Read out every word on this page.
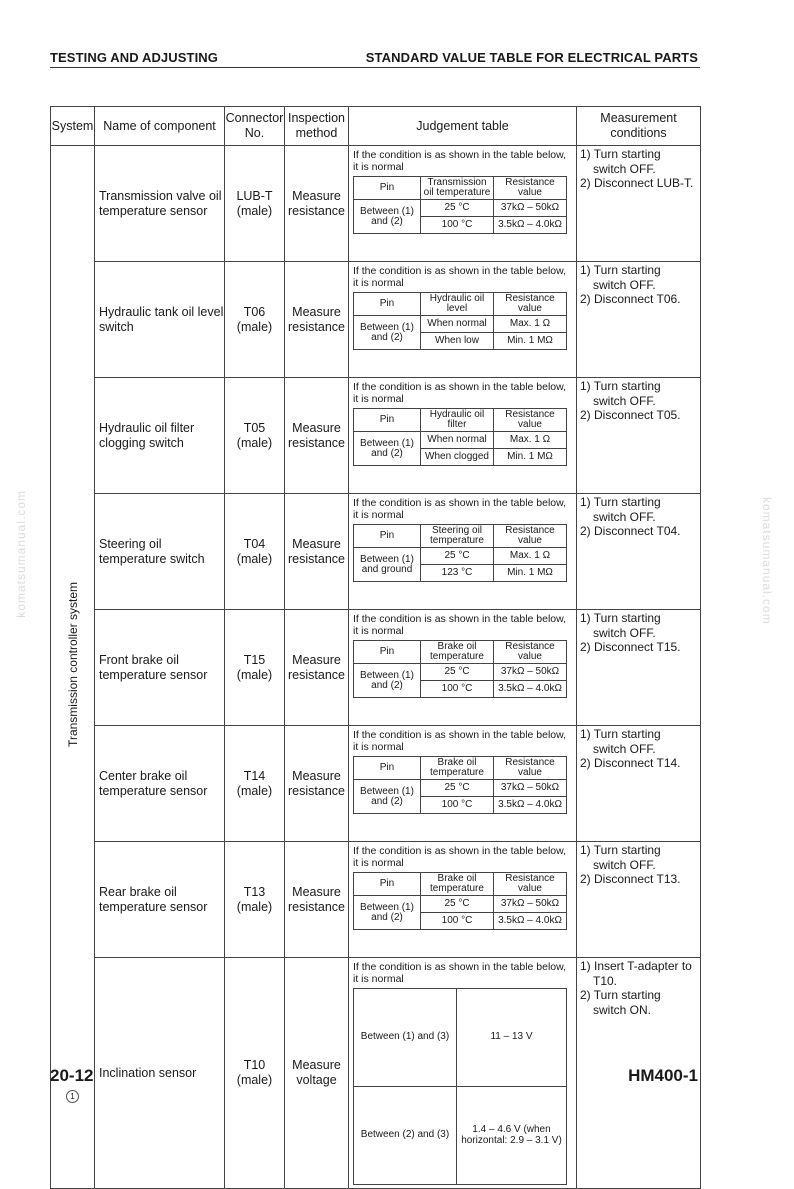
TESTING AND ADJUSTING	STANDARD VALUE TABLE FOR ELECTRICAL PARTS
komatsumanual.com	komatsumanual.com
System	Name of component	Connector No.	Inspection method	Judgement table	Measurement conditions
Transmission controller system	Transmission valve oil temperature sensor	LUB-T (male)	Measure resistance	
If the condition is as shown in the table below, it is normal
Pin	Transmission oil temperature	Resistance value
Between (1) and (2)	25 °C	37kΩ – 50kΩ
100 °C	3.5kΩ – 4.0kΩ

1) Turn starting switch OFF.
2) Disconnect LUB-T.

Hydraulic tank oil level switch	T06 (male)	Measure resistance	
If the condition is as shown in the table below, it is normal
Pin	Hydraulic oil level	Resistance value
Between (1) and (2)	When normal	Max. 1 Ω
When low	Min. 1 MΩ

1) Turn starting switch OFF.
2) Disconnect T06.

Hydraulic oil filter clogging switch	T05 (male)	Measure resistance	
If the condition is as shown in the table below, it is normal
Pin	Hydraulic oil filter	Resistance value
Between (1) and (2)	When normal	Max. 1 Ω
When clogged	Min. 1 MΩ

1) Turn starting switch OFF.
2) Disconnect T05.

Steering oil temperature switch	T04 (male)	Measure resistance	
If the condition is as shown in the table below, it is normal
Pin	Steering oil temperature	Resistance value
Between (1) and ground	25 °C	Max. 1 Ω
123 °C	Min. 1 MΩ

1) Turn starting switch OFF.
2) Disconnect T04.

Front brake oil temperature sensor	T15 (male)	Measure resistance	
If the condition is as shown in the table below, it is normal
Pin	Brake oil temperature	Resistance value
Between (1) and (2)	25 °C	37kΩ – 50kΩ
100 °C	3.5kΩ – 4.0kΩ

1) Turn starting switch OFF.
2) Disconnect T15.

Center brake oil temperature sensor	T14 (male)	Measure resistance	
If the condition is as shown in the table below, it is normal
Pin	Brake oil temperature	Resistance value
Between (1) and (2)	25 °C	37kΩ – 50kΩ
100 °C	3.5kΩ – 4.0kΩ

1) Turn starting switch OFF.
2) Disconnect T14.

Rear brake oil temperature sensor	T13 (male)	Measure resistance	
If the condition is as shown in the table below, it is normal
Pin	Brake oil temperature	Resistance value
Between (1) and (2)	25 °C	37kΩ – 50kΩ
100 °C	3.5kΩ – 4.0kΩ

1) Turn starting switch OFF.
2) Disconnect T13.

Inclination sensor	T10 (male)	Measure voltage	
If the condition is as shown in the table below, it is normal
Between (1) and (3)	11 – 13 V
Between (2) and (3)	1.4 – 4.6 V (when horizontal: 2.9 – 3.1 V)

1) Insert T-adapter to T10.
2) Turn starting switch ON.
20-12	HM400-1
1
